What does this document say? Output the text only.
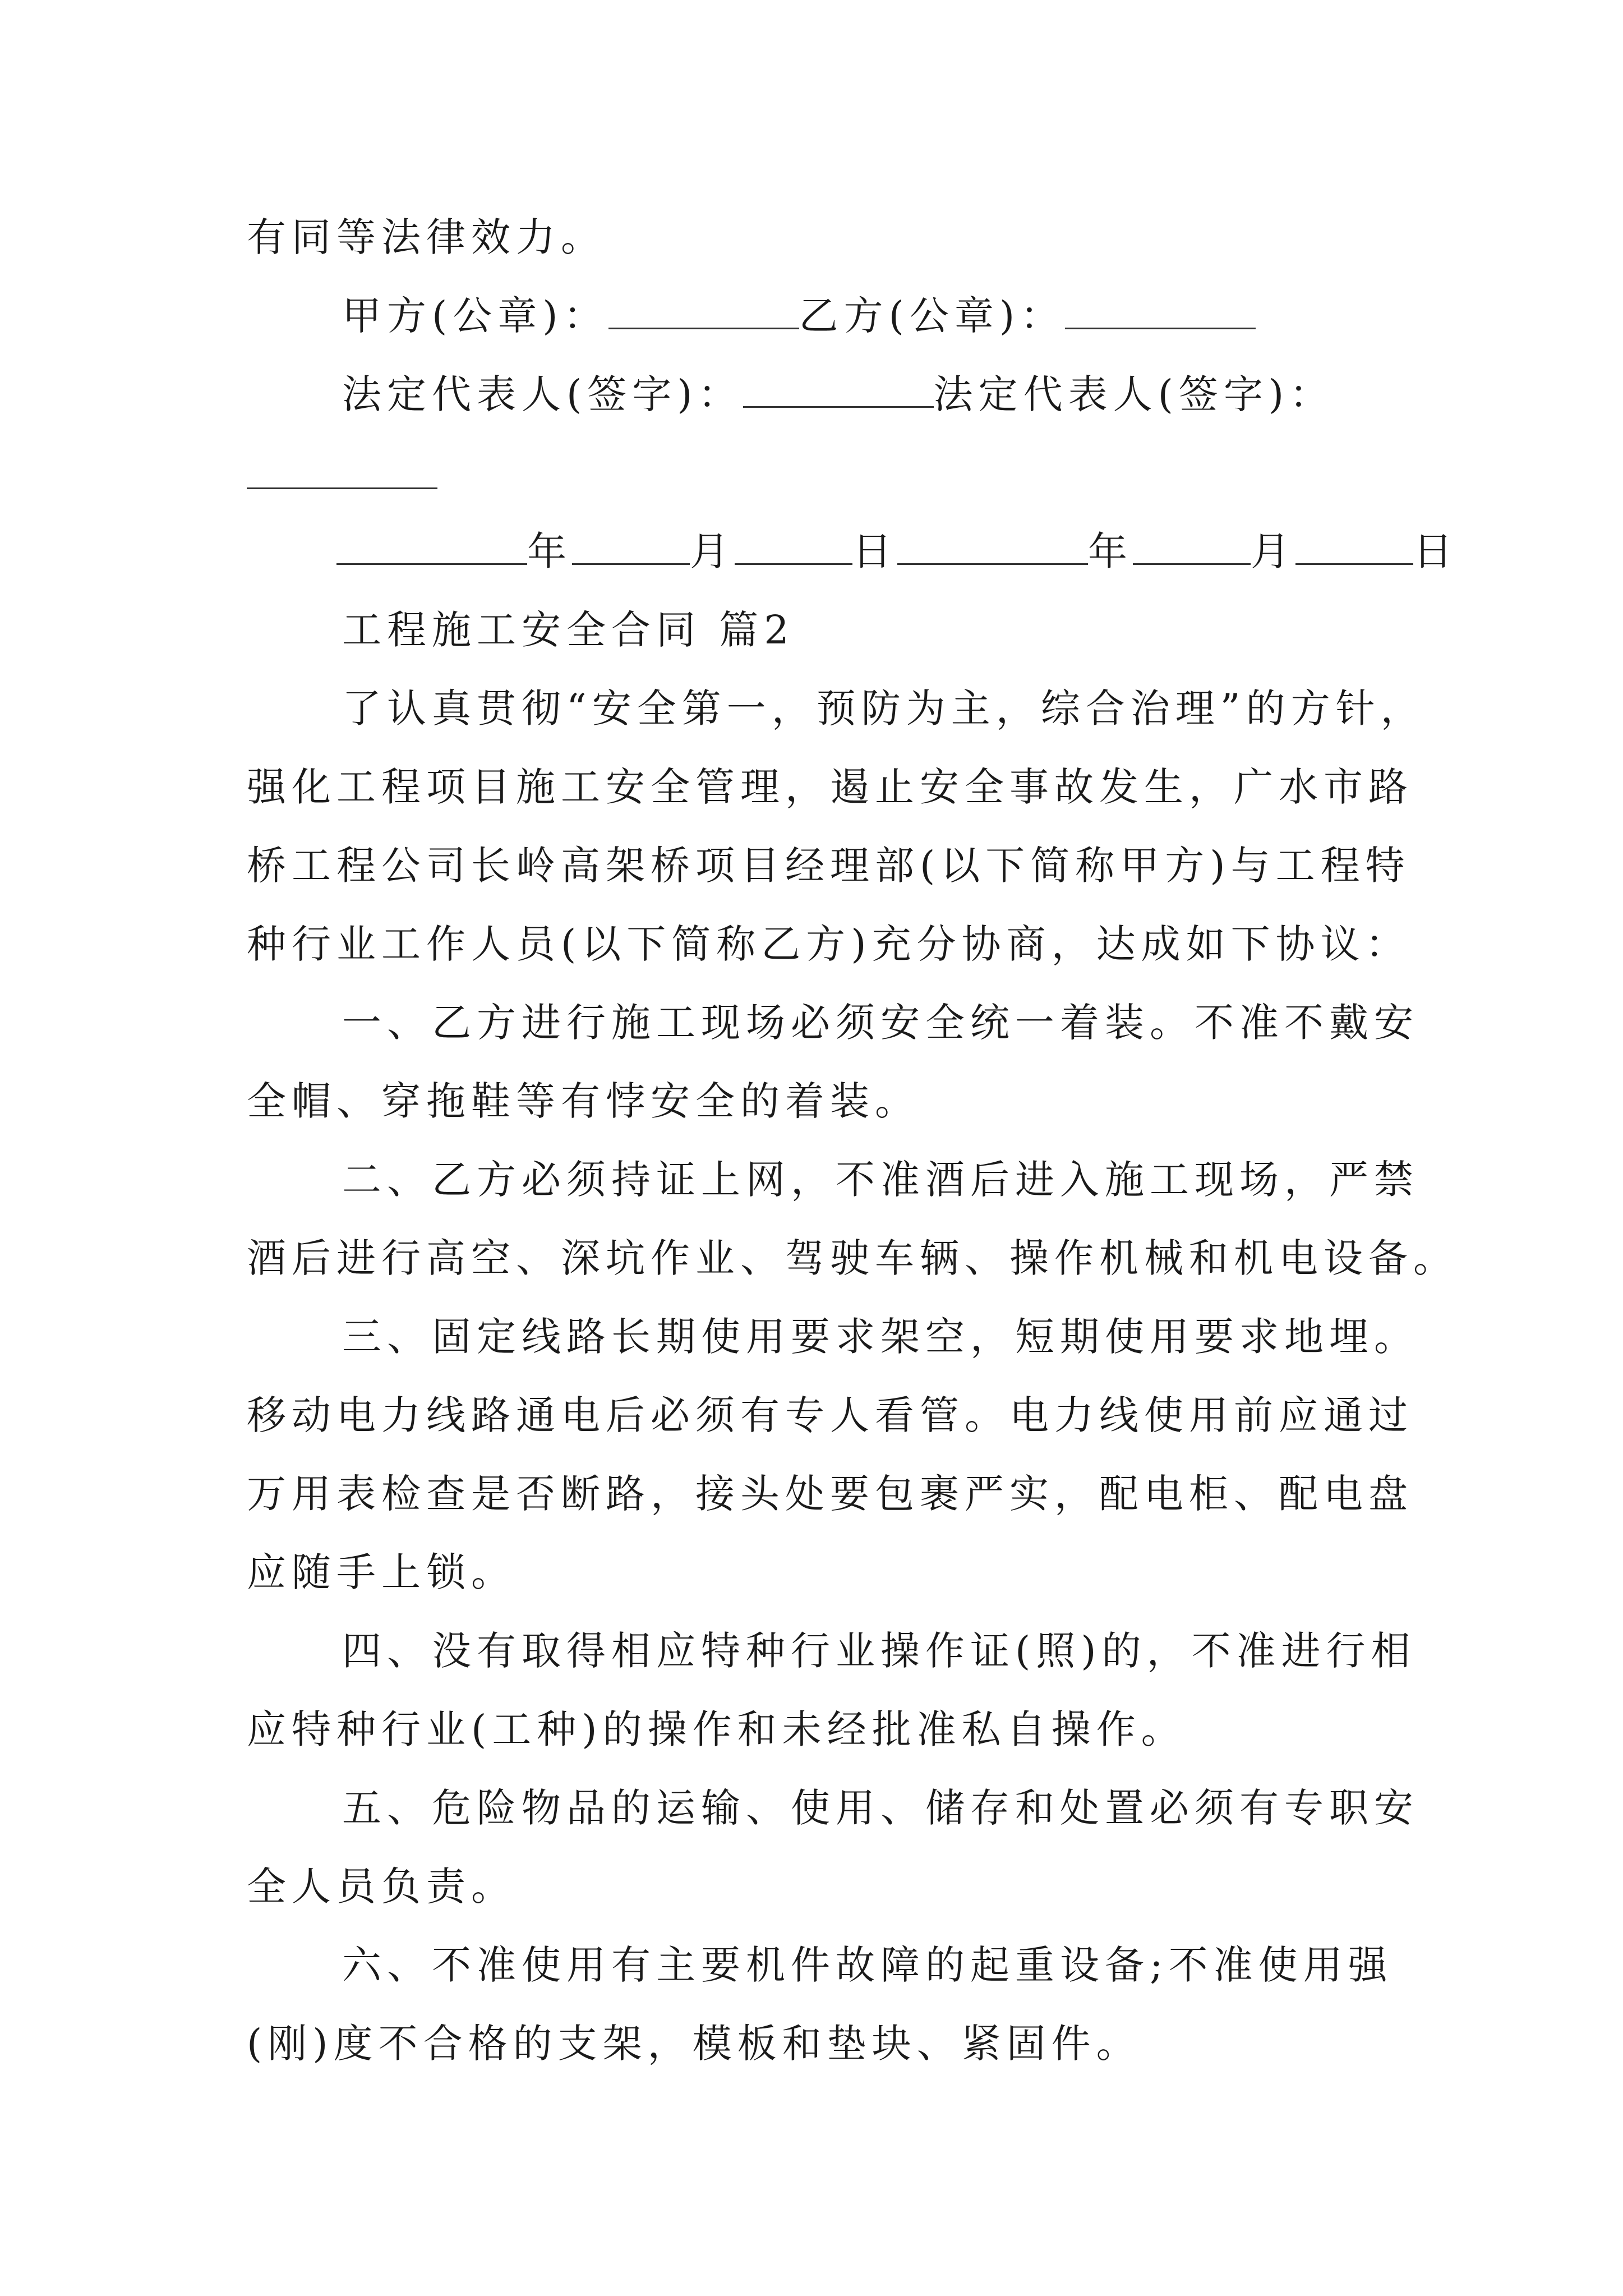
有同等法律效力。
甲方(公章)：	乙方(公章)：
法定代表人(签字)：	法定代表人(签字)：
年	月	日	年	月	日
工程施工安全合同 篇2
了认真贯彻“安全第一，预防为主，综合治理”的方针，
强化工程项目施工安全管理，遏止安全事故发生，广水市路
桥工程公司长岭高架桥项目经理部(以下简称甲方)与工程特
种行业工作人员(以下简称乙方)充分协商，达成如下协议：
一、乙方进行施工现场必须安全统一着装。不准不戴安
全帽、穿拖鞋等有悖安全的着装。
二、乙方必须持证上网，不准酒后进入施工现场，严禁
酒后进行高空、深坑作业、驾驶车辆、操作机械和机电设备。
三、固定线路长期使用要求架空，短期使用要求地埋。
移动电力线路通电后必须有专人看管。电力线使用前应通过
万用表检查是否断路，接头处要包裹严实，配电柜、配电盘
应随手上锁。
四、没有取得相应特种行业操作证(照)的，不准进行相
应特种行业(工种)的操作和未经批准私自操作。
五、危险物品的运输、使用、储存和处置必须有专职安
全人员负责。
六、不准使用有主要机件故障的起重设备;不准使用强
(刚)度不合格的支架，模板和垫块、紧固件。
